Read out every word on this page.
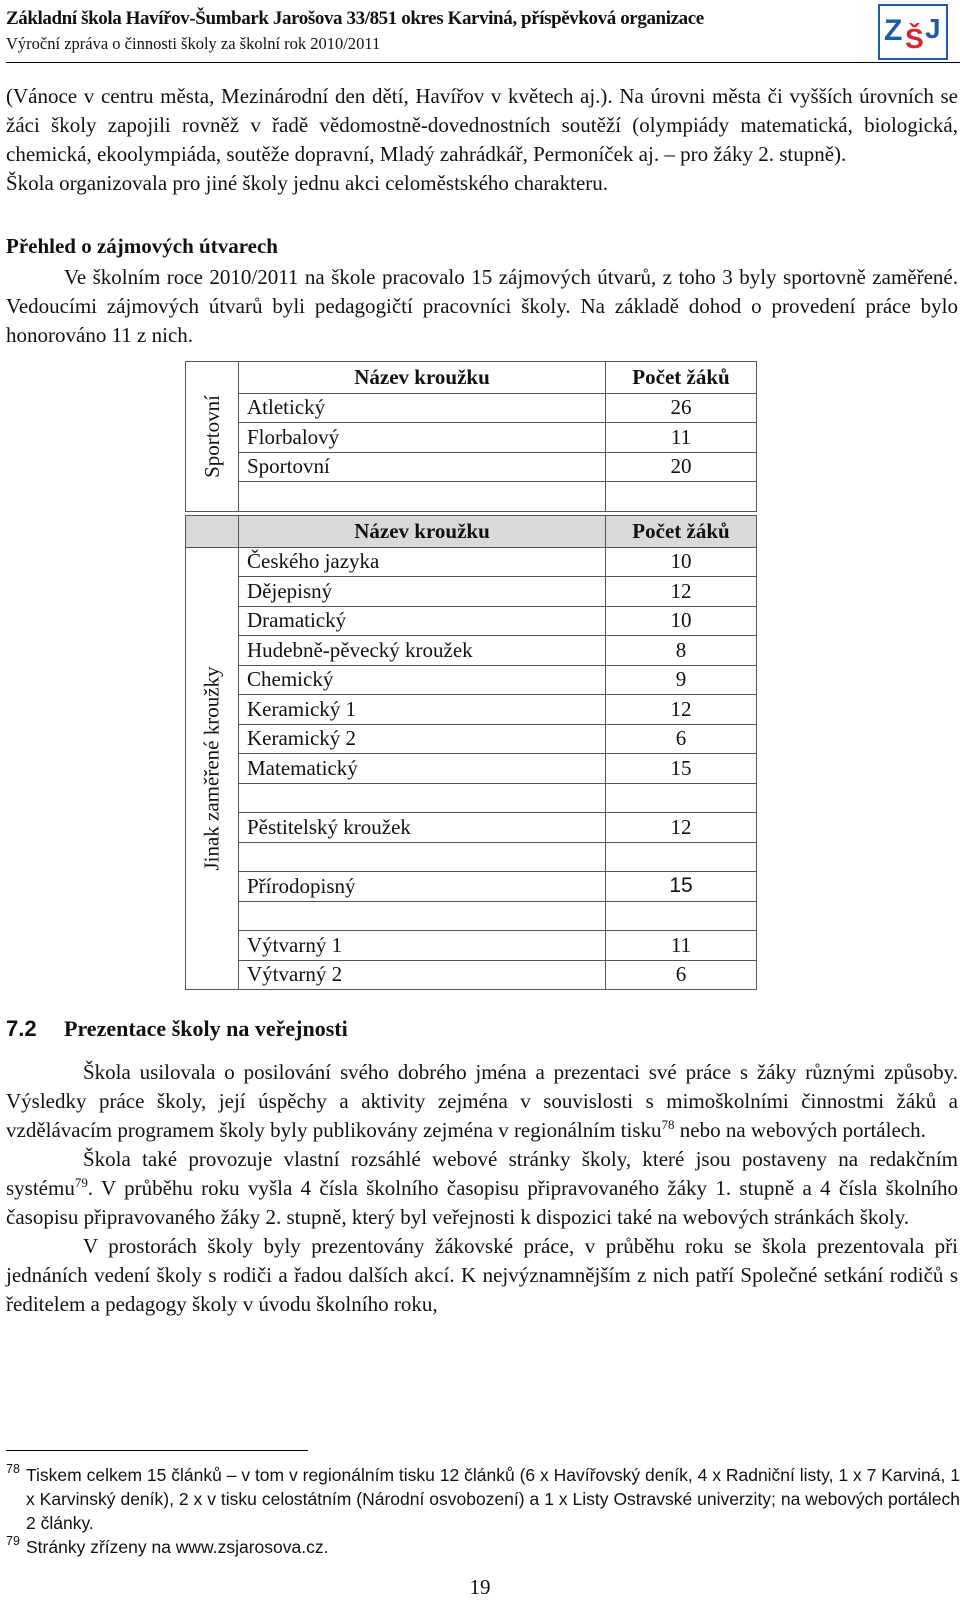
Základní škola Havířov-Šumbark Jarošova 33/851 okres Karviná, příspěvková organizace
Výroční zpráva o činnosti školy za školní rok 2010/2011	Z Š J
(Vánoce v centru města, Mezinárodní den dětí, Havířov v květech aj.). Na úrovni města či vyšších úrovních se žáci školy zapojili rovněž v řadě vědomostně-dovednostních soutěží (olympiády matematická, biologická, chemická, ekoolympiáda, soutěže dopravní, Mladý zahrádkář, Permoníček aj. – pro žáky 2. stupně).
Škola organizovala pro jiné školy jednu akci celoměstského charakteru.
Přehled o zájmových útvarech
Ve školním roce 2010/2011 na škole pracovalo 15 zájmových útvarů, z toho 3 byly sportovně zaměřené. Vedoucími zájmových útvarů byli pedagogičtí pracovníci školy. Na základě dohod o provedení práce bylo honorováno 11 z nich.
Sportovní	Název kroužku	Počet žáků
	Atletický	26
	Florbalový	11
	Sportovní	20

	Název kroužku	Počet žáků

Jinak zaměřené kroužky	Českého jazyka	10
	Dějepisný	12
	Dramatický	10
	Hudebně-pěvecký kroužek	8
	Chemický	9
	Keramický 1	12
	Keramický 2	6
	Matematický	15

	Pěstitelský kroužek	12

	Přírodopisný	15

	Výtvarný 1	11
	Výtvarný 2	6
7.2 Prezentace školy na veřejnosti
Škola usilovala o posilování svého dobrého jména a prezentaci své práce s žáky různými způsoby. Výsledky práce školy, její úspěchy a aktivity zejména v souvislosti s mimoškolními činnostmi žáků a vzdělávacím programem školy byly publikovány zejména v regionálním tisku$^{78}$ nebo na webových portálech.
Škola také provozuje vlastní rozsáhlé webové stránky školy, které jsou postaveny na redakčním systému$^{79}$. V průběhu roku vyšla 4 čísla školního časopisu připravovaného žáky 1. stupně a 4 čísla školního časopisu připravovaného žáky 2. stupně, který byl veřejnosti k dispozici také na webových stránkách školy.
V prostorách školy byly prezentovány žákovské práce, v průběhu roku se škola prezentovala při jednáních vedení školy s rodiči a řadou dalších akcí. K nejvýznamnějším z nich patří Společné setkání rodičů s ředitelem a pedagogy školy v úvodu školního roku,
78 Tiskem celkem 15 článků – v tom v regionálním tisku 12 článků (6 x Havířovský deník, 4 x Radniční listy, 1 x 7 Karviná, 1 x Karvinský deník), 2 x v tisku celostátním (Národní osvobození) a 1 x Listy Ostravské univerzity; na webových portálech 2 články.
79 Stránky zřízeny na www.zsjarosova.cz.
19
